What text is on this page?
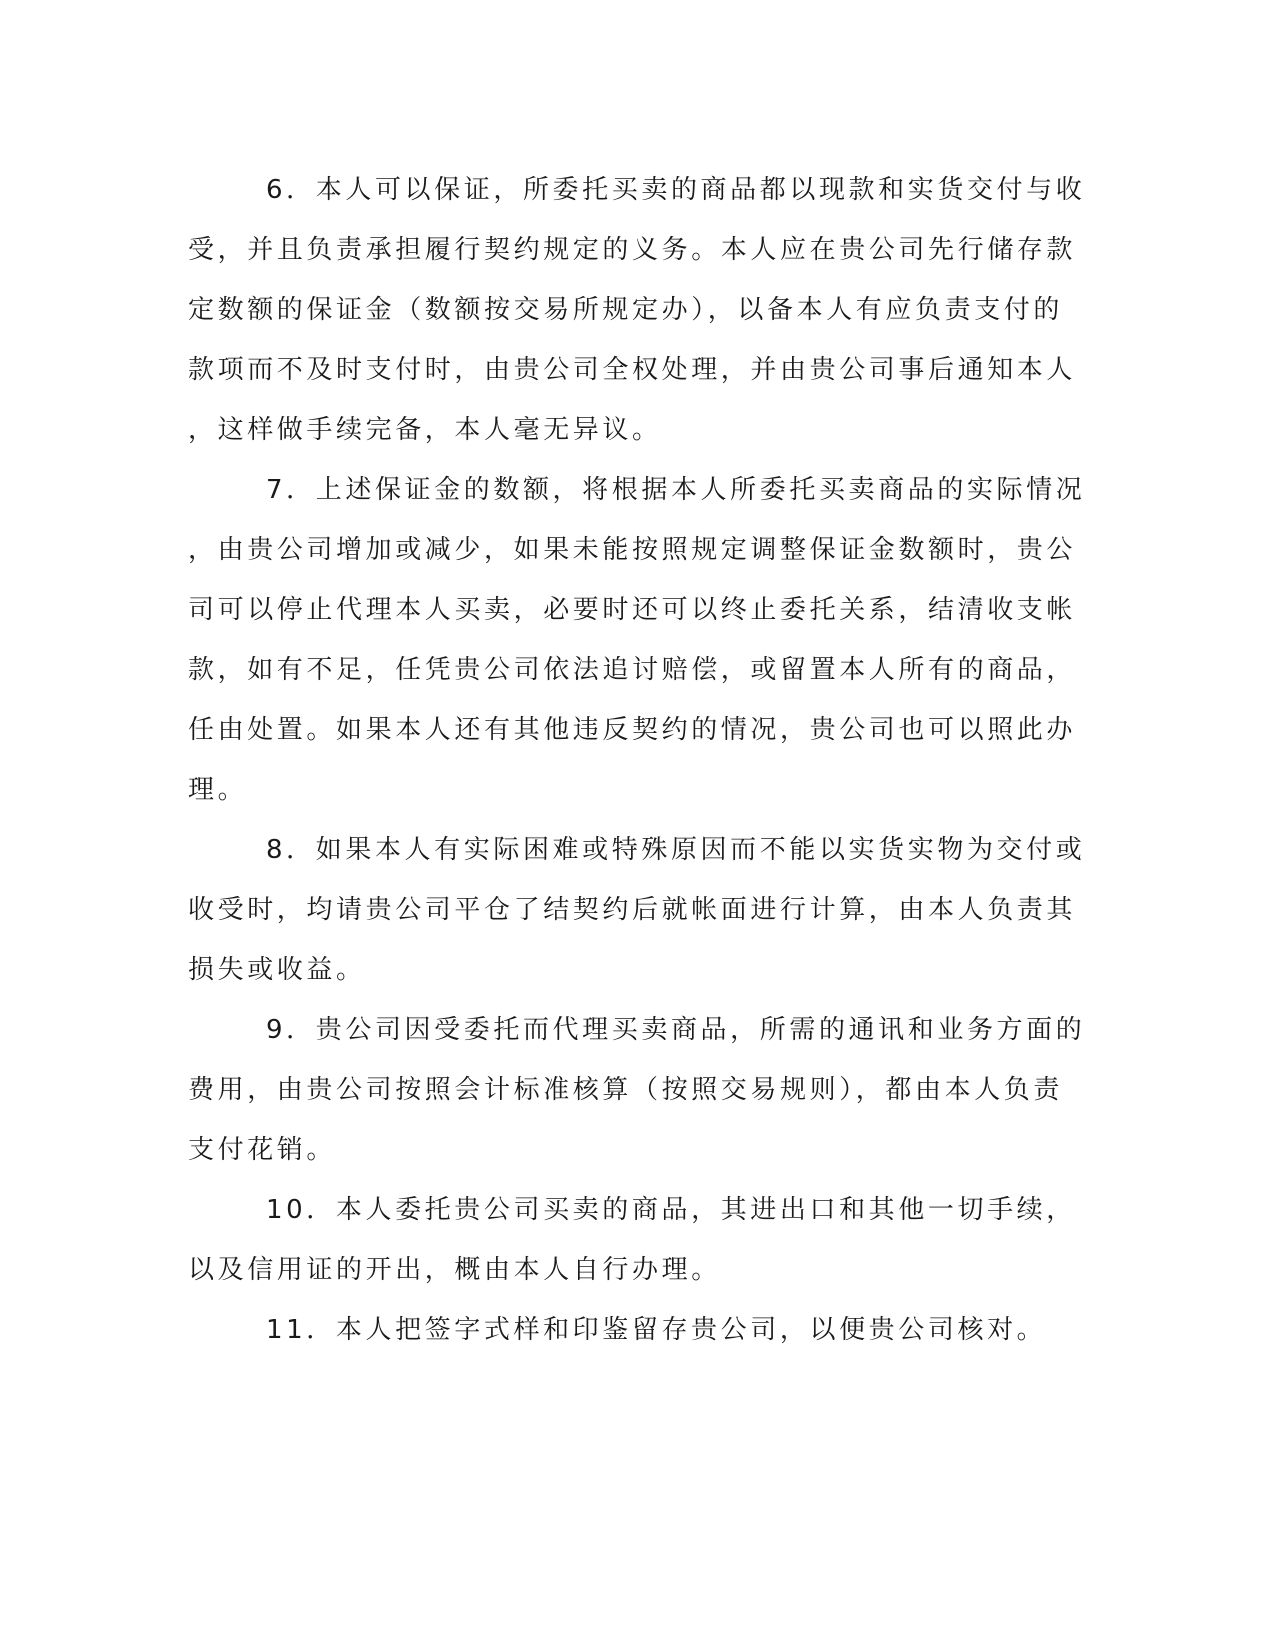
6．本人可以保证，所委托买卖的商品都以现款和实货交付与收
受，并且负责承担履行契约规定的义务。本人应在贵公司先行储存款
定数额的保证金（数额按交易所规定办），以备本人有应负责支付的
款项而不及时支付时，由贵公司全权处理，并由贵公司事后通知本人
，这样做手续完备，本人毫无异议。
7．上述保证金的数额，将根据本人所委托买卖商品的实际情况
，由贵公司增加或减少，如果未能按照规定调整保证金数额时，贵公
司可以停止代理本人买卖，必要时还可以终止委托关系，结清收支帐
款，如有不足，任凭贵公司依法追讨赔偿，或留置本人所有的商品，
任由处置。如果本人还有其他违反契约的情况，贵公司也可以照此办
理。
8．如果本人有实际困难或特殊原因而不能以实货实物为交付或
收受时，均请贵公司平仓了结契约后就帐面进行计算，由本人负责其
损失或收益。
9．贵公司因受委托而代理买卖商品，所需的通讯和业务方面的
费用，由贵公司按照会计标准核算（按照交易规则），都由本人负责
支付花销。
10．本人委托贵公司买卖的商品，其进出口和其他一切手续，
以及信用证的开出，概由本人自行办理。
11．本人把签字式样和印鉴留存贵公司，以便贵公司核对。
